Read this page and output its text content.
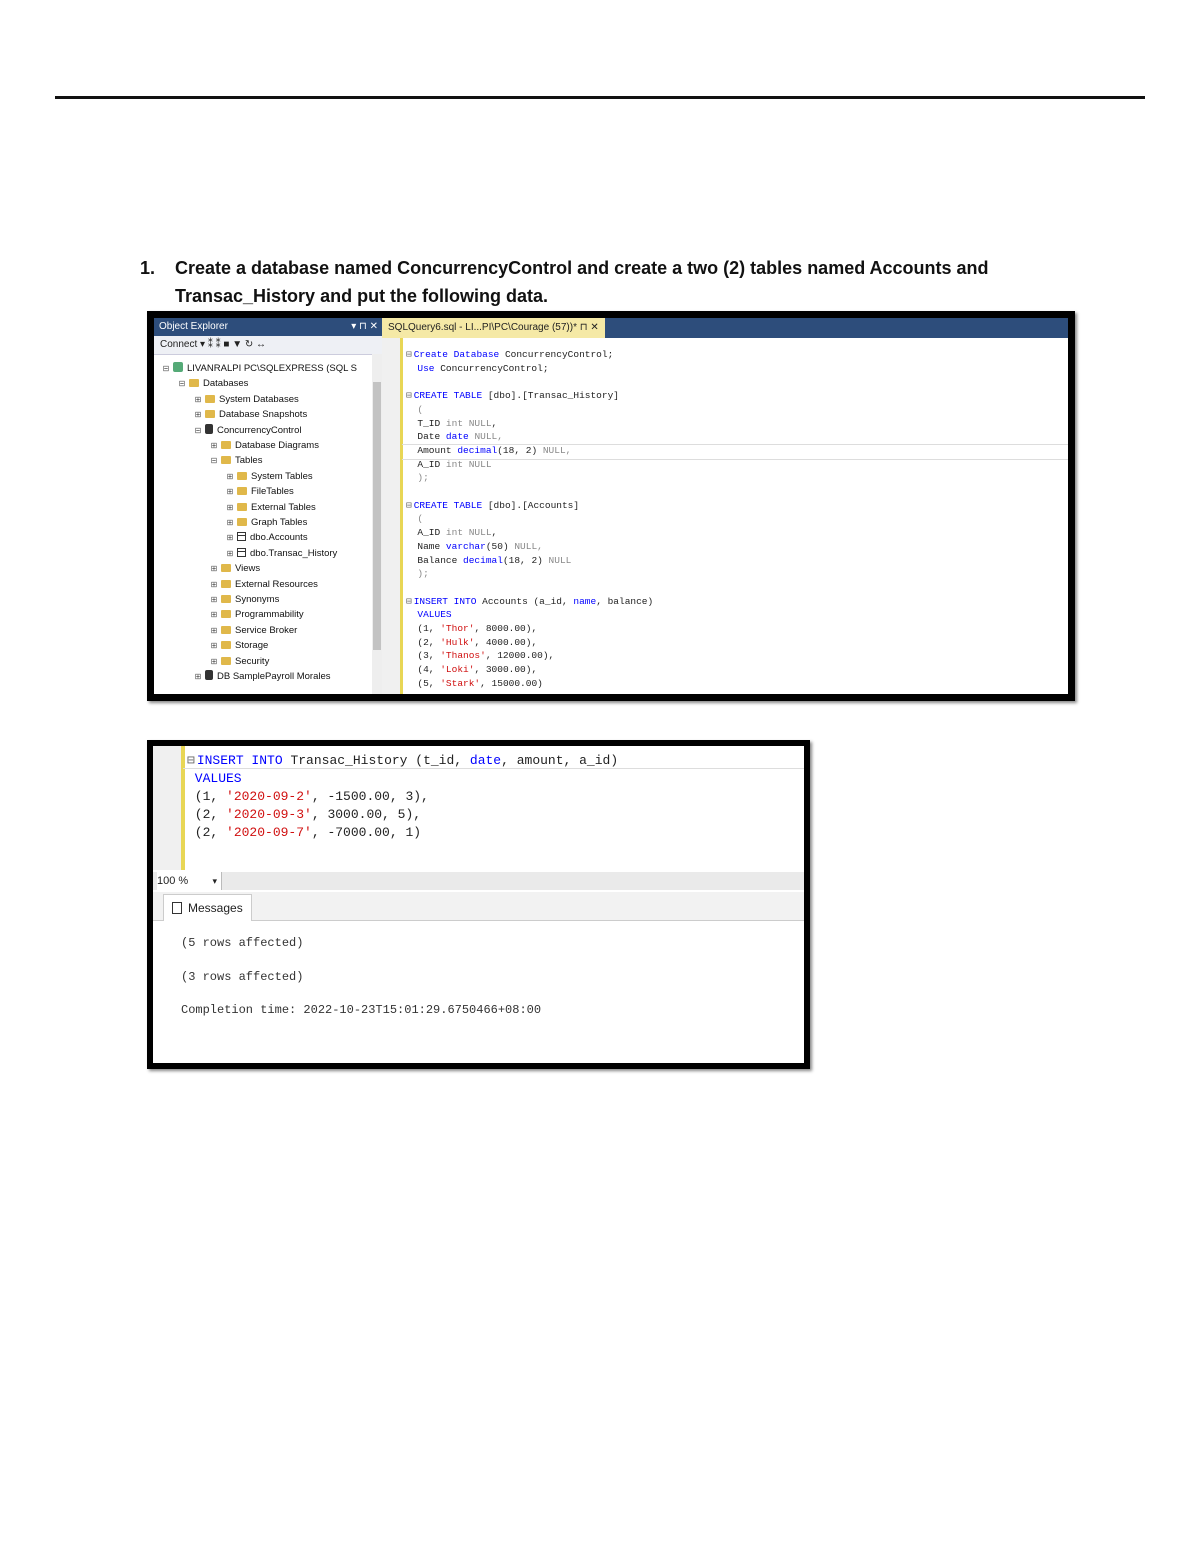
1. Create a database named ConcurrencyControl and create a two (2) tables named Accounts and
Transac_History and put the following data.
Object Explorer	▾ ⊓ ✕
Connect ▾ ⁑ ⁑ ■ ▼ ↻ ↔
⊟ LIVANRALPI PC\SQLEXPRESS (SQL S
⊟ Databases
⊞ System Databases
⊞ Database Snapshots
⊟ ConcurrencyControl
⊞ Database Diagrams
⊟ Tables
⊞ System Tables
⊞ FileTables
⊞ External Tables
⊞ Graph Tables
⊞ dbo.Accounts
⊞ dbo.Transac_History
⊞ Views
⊞ External Resources
⊞ Synonyms
⊞ Programmability
⊞ Service Broker
⊞ Storage
⊞ Security
⊞ DB SamplePayroll Morales
SQLQuery6.sql - LI...PI\PC\Courage (57))* ⊓ ✕
⊟ Create Database ConcurrencyControl;
Use ConcurrencyControl;
⊟ CREATE TABLE [dbo].[Transac_History]
(
T_ID int NULL,
Date date NULL,
Amount decimal(18, 2) NULL,
A_ID int NULL
);
⊟ CREATE TABLE [dbo].[Accounts]
(
A_ID int NULL,
Name varchar(50) NULL,
Balance decimal(18, 2) NULL
);
⊟ INSERT INTO Accounts (a_id, name, balance)
VALUES
(1, 'Thor', 8000.00),
(2, 'Hulk', 4000.00),
(3, 'Thanos', 12000.00),
(4, 'Loki', 3000.00),
(5, 'Stark', 15000.00)
⊟ INSERT INTO Transac_History (t_id, date, amount, a_id)
VALUES
(1, '2020-09-2', -1500.00, 3),
(2, '2020-09-3', 3000.00, 5),
(2, '2020-09-7', -7000.00, 1)
100 %	▾
Messages
(5 rows affected)
(3 rows affected)
Completion time: 2022-10-23T15:01:29.6750466+08:00
